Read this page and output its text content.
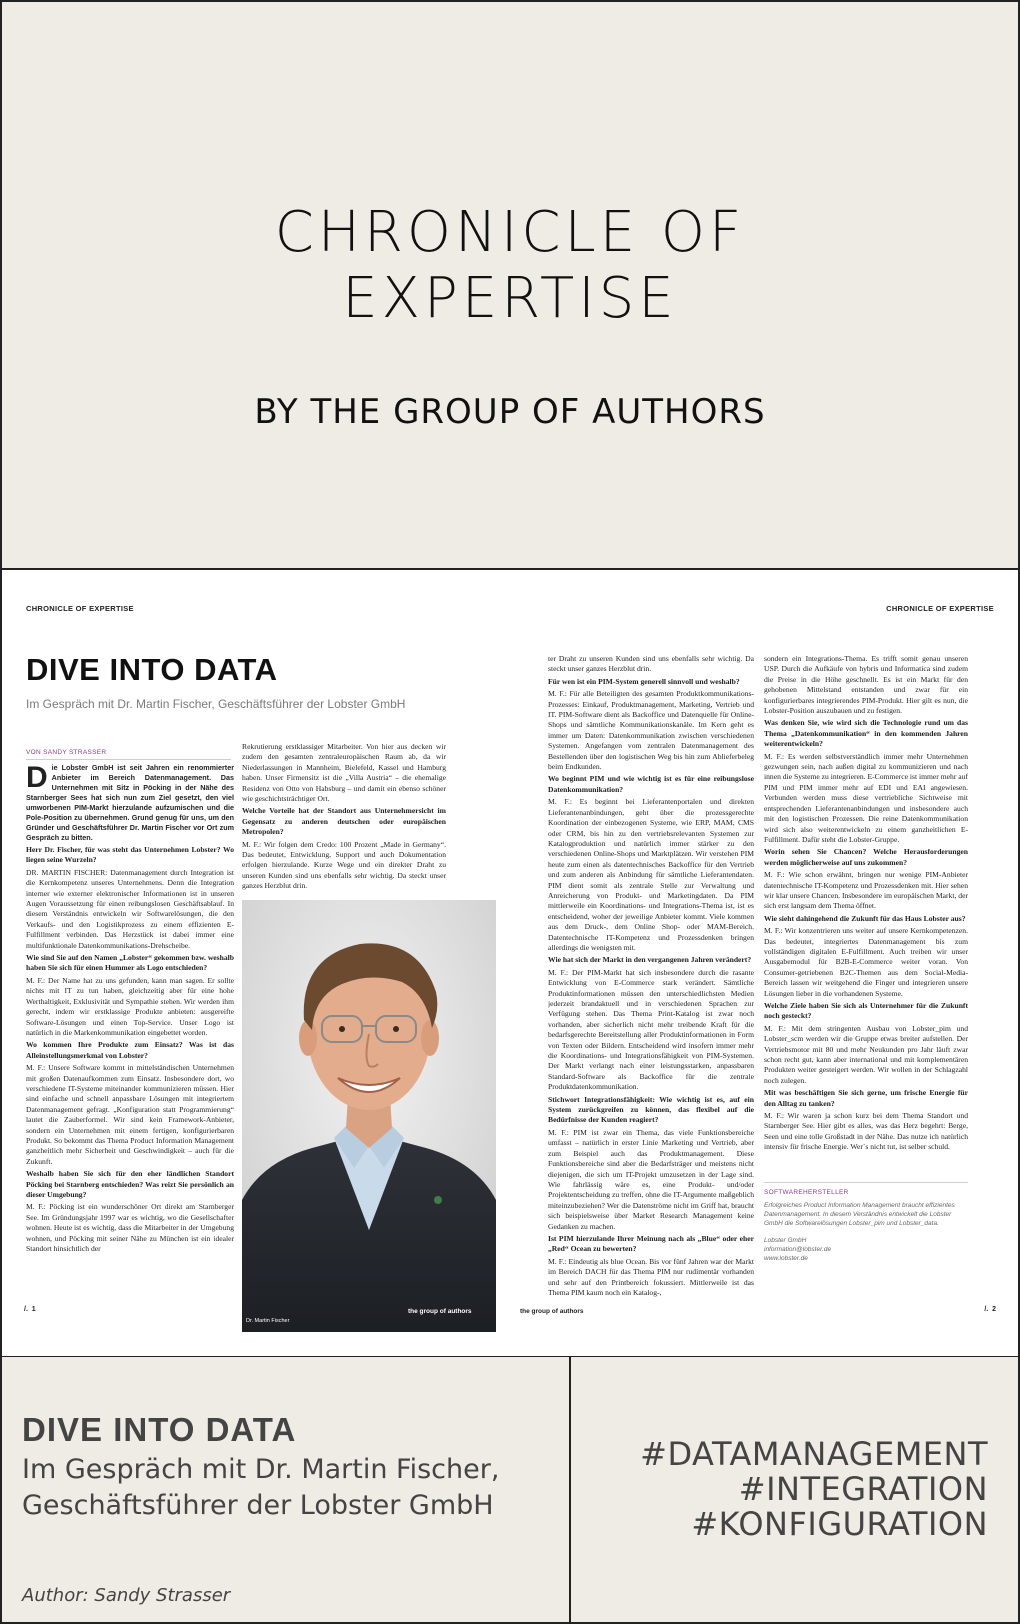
CHRONICLE OF
EXPERTISE
BY THE GROUP OF AUTHORS
CHRONICLE OF EXPERTISE	CHRONICLE OF EXPERTISE
DIVE INTO DATA
Im Gespräch mit Dr. Martin Fischer, Geschäftsführer der Lobster GmbH
VON SANDY STRASSER

Die Lobster GmbH ist seit Jahren ein renommierter Anbieter im Bereich Datenmanagement. Das Unternehmen mit Sitz in Pöcking in der Nähe des Starnberger Sees hat sich nun zum Ziel gesetzt, den viel umworbenen PIM-Markt hierzulande aufzumischen und die Pole-Position zu übernehmen. Grund genug für uns, um den Gründer und Geschäftsführer Dr. Martin Fischer vor Ort zum Gespräch zu bitten.

Herr Dr. Fischer, für was steht das Unternehmen Lobster? Wo liegen seine Wurzeln?

DR. MARTIN FISCHER: Datenmanagement durch Integration ist die Kernkompetenz unseres Unternehmens. Denn die Integration interner wie externer elektronischer Informationen ist in unseren Augen Voraussetzung für einen reibungslosen Geschäftsablauf. In diesem Verständnis entwickeln wir Softwarelösungen, die den Verkaufs- und den Logistikprozess zu einem effizienten E-Fulfillment verbinden. Das Herzstück ist dabei immer eine multifunktionale Datenkommunikations-Drehscheibe.

Wie sind Sie auf den Namen „Lobster“ gekommen bzw. weshalb haben Sie sich für einen Hummer als Logo entschieden?

M. F.: Der Name hat zu uns gefunden, kann man sagen. Er sollte nichts mit IT zu tun haben, gleichzeitig aber für eine hohe Werthaltigkeit, Exklusivität und Sympathie stehen. Wir werden ihm gerecht, indem wir erstklassige Produkte anbieten: ausgereifte Software-Lösungen und einen Top-Service. Unser Logo ist natürlich in die Markenkommunikation eingebettet worden.

Wo kommen Ihre Produkte zum Einsatz? Was ist das Alleinstellungsmerkmal von Lobster?

M. F.: Unsere Software kommt in mittelständischen Unternehmen mit großen Datenaufkommen zum Einsatz. Insbesondere dort, wo verschiedene IT-Systeme miteinander kommunizieren müssen. Hier sind einfache und schnell anpassbare Lösungen mit integriertem Datenmanagement gefragt. „Konfiguration statt Programmierung“ lautet die Zauberformel. Wir sind kein Framework-Anbieter, sondern ein Unternehmen mit einem fertigen, konfigurierbaren Produkt. So bekommt das Thema Product Information Management ganzheitlich mehr Sicherheit und Geschwindigkeit – auch für die Zukunft.

Weshalb haben Sie sich für den eher ländlichen Standort Pöcking bei Starnberg entschieden? Was reizt Sie persönlich an dieser Umgebung?

M. F.: Pöcking ist ein wunderschöner Ort direkt am Starnberger See. Im Gründungsjahr 1997 war es wichtig, wo die Gesellschafter wohnen. Heute ist es wichtig, dass die Mitarbeiter in der Umgebung wohnen, und Pöcking mit seiner Nähe zu München ist ein idealer Standort hinsichtlich der

Rekrutierung erstklassiger Mitarbeiter. Von hier aus decken wir zudem den gesamten zentraleuropäischen Raum ab, da wir Niederlassungen in Mannheim, Bielefeld, Kassel und Hamburg haben. Unser Firmensitz ist die „Villa Austria“ – die ehemalige Residenz von Otto von Habsburg – und damit ein ebenso schöner wie geschichtsträchtiger Ort.

Welche Vorteile hat der Standort aus Unternehmersicht im Gegensatz zu anderen deutschen oder europäischen Metropolen?

M. F.: Wir folgen dem Credo: 100 Prozent „Made in Germany“. Das bedeutet, Entwicklung, Support und auch Dokumentation erfolgen hierzulande. Kurze Wege und ein direkter Draht zu unseren Kunden sind uns ebenfalls sehr wichtig. Da steckt unser ganzes Herzblut drin.

Dr. Martin Fischer
the group of authors

ter Draht zu unseren Kunden sind uns ebenfalls sehr wichtig. Da steckt unser ganzes Herzblut drin.

Für wen ist ein PIM-System generell sinnvoll und weshalb?

M. F.: Für alle Beteiligten des gesamten Produktkommunikations-Prozesses: Einkauf, Produktmanagement, Marketing, Vertrieb und IT. PIM-Software dient als Backoffice und Datenquelle für Online-Shops und sämtliche Kommunikationskanäle. Im Kern geht es immer um Daten: Datenkommunikation zwischen verschiedenen Systemen. Angefangen vom zentralen Datenmanagement des Bestellenden über den logistischen Weg bis hin zum Ablieferbeleg beim Endkunden.

Wo beginnt PIM und wie wichtig ist es für eine reibungslose Datenkommunikation?

M. F.: Es beginnt bei Lieferantenportalen und direkten Lieferantenanbindungen, geht über die prozessgerechte Koordination der einbezogenen Systeme, wie ERP, MAM, CMS oder CRM, bis hin zu den vertriebsrelevanten Systemen zur Katalogproduktion und natürlich immer stärker zu den verschiedenen Online-Shops und Marktplätzen. Wir verstehen PIM heute zum einen als datentechnisches Backoffice für den Vertrieb und zum anderen als Anbindung für sämtliche Lieferantendaten. PIM dient somit als zentrale Stelle zur Verwaltung und Anreicherung von Produkt- und Marketingdaten. Da PIM mittlerweile ein Koordinations- und Integrations-Thema ist, ist es entscheidend, woher der jeweilige Anbieter kommt. Viele kommen aus dem Druck-, dem Online Shop- oder MAM-Bereich. Datentechnische IT-Kompetenz und Prozessdenken bringen allerdings die wenigsten mit.

Wie hat sich der Markt in den vergangenen Jahren verändert?

M. F.: Der PIM-Markt hat sich insbesondere durch die rasante Entwicklung von E-Commerce stark verändert. Sämtliche Produktinformationen müssen den unterschiedlichsten Medien jederzeit brandaktuell und in verschiedenen Sprachen zur Verfügung stehen. Das Thema Print-Katalog ist zwar noch vorhanden, aber sicherlich nicht mehr treibende Kraft für die bedarfsgerechte Bereitstellung aller Produktinformationen in Form von Texten oder Bildern. Entscheidend wird insofern immer mehr die Koordinations- und Integrationsfähigkeit von PIM-Systemen. Der Markt verlangt nach einer leistungsstarken, anpassbaren Standard-Software als Backoffice für die zentrale Produktdatenkommunikation.

Stichwort Integrationsfähigkeit: Wie wichtig ist es, auf ein System zurückgreifen zu können, das flexibel auf die Bedürfnisse der Kunden reagiert?

M. F.: PIM ist zwar ein Thema, das viele Funktionsbereiche umfasst – natürlich in erster Linie Marketing und Vertrieb, aber zum Beispiel auch das Produktmanagement. Diese Funktionsbereiche sind aber die Bedarfsträger und meistens nicht diejenigen, die sich um IT-Projekt umzusetzen in der Lage sind. Wie fahrlässig wäre es, eine Produkt- und/oder Projektentscheidung zu treffen, ohne die IT-Argumente maßgeblich miteinzubeziehen? Wer die Datenströme nicht im Griff hat, braucht sich beispielsweise über Market Research Management keine Gedanken zu machen.

Ist PIM hierzulande Ihrer Meinung nach als „Blue“ oder eher „Red“ Ocean zu bewerten?

M. F.: Eindeutig als blue Ocean. Bis vor fünf Jahren war der Markt im Bereich DACH für das Thema PIM nur rudimentär vorhanden und sehr auf den Printbereich fokussiert. Mittlerweile ist das Thema PIM kaum noch ein Katalog-,

sondern ein Integrations-Thema. Es trifft somit genau unseren USP. Durch die Aufkäufe von hybris und Informatica sind zudem die Preise in die Höhe geschnellt. Es ist ein Markt für den gehobenen Mittelstand entstanden und zwar für ein konfigurierbares integrierendes PIM-Produkt. Hier gilt es nun, die Lobster-Position auszubauen und zu festigen.

Was denken Sie, wie wird sich die Technologie rund um das Thema „Datenkommunikation“ in den kommenden Jahren weiterentwickeln?

M. F.: Es werden selbstverständlich immer mehr Unternehmen gezwungen sein, nach außen digital zu kommunizieren und nach innen die Systeme zu integrieren. E-Commerce ist immer mehr auf PIM und PIM immer mehr auf EDI und EAI angewiesen. Verbunden werden muss diese vertriebliche Sichtweise mit entsprechenden Lieferantenanbindungen und insbesondere auch mit den logistischen Prozessen. Die reine Datenkommunikation wird sich also weiterentwickeln zu einem ganzheitlichen E-Fulfillment. Dafür steht die Lobster-Gruppe.

Worin sehen Sie Chancen? Welche Herausforderungen werden möglicherweise auf uns zukommen?

M. F.: Wie schon erwähnt, bringen nur wenige PIM-Anbieter datentechnische IT-Kompetenz und Prozessdenken mit. Hier sehen wir klar unsere Chancen. Insbesondere im europäischen Markt, der sich erst langsam dem Thema öffnet.

Wie sieht dahingehend die Zukunft für das Haus Lobster aus?

M. F.: Wir konzentrieren uns weiter auf unsere Kernkompetenzen. Das bedeutet, integriertes Datenmanagement bis zum vollständigen digitalen E-Fulfillment. Auch treiben wir unser Ausgabemodul für B2B-E-Commerce weiter voran. Von Consumer-getriebenen B2C-Themen aus dem Social-Media-Bereich lassen wir weitgehend die Finger und integrieren unsere Lösungen lieber in die vorhandenen Systeme.

Welche Ziele haben Sie sich als Unternehmer für die Zukunft noch gesteckt?

M. F.: Mit dem stringenten Ausbau von Lobster_pim und Lobster_scm werden wir die Gruppe etwas breiter aufstellen. Der Vertriebsmotor mit 80 und mehr Neukunden pro Jahr läuft zwar schon recht gut, kann aber international und mit komplementären Produkten weiter gesteigert werden. Wir wollen in der Schlagzahl noch zulegen.

Mit was beschäftigen Sie sich gerne, um frische Energie für den Alltag zu tanken?

M. F.: Wir waren ja schon kurz bei dem Thema Standort und Starnberger See. Hier gibt es alles, was das Herz begehrt: Berge, Seen und eine tolle Großstadt in der Nähe. Das nutze ich natürlich intensiv für frische Energie. Wer´s nicht tut, ist selber schuld.

SOFTWAREHERSTELLER
Erfolgreiches Product Information Management braucht effizientes Datenmanagement. In diesem Verständnis entwickelt die Lobster GmbH die Softwarelösungen Lobster_pim und Lobster_data.
Lobster GmbH
information@lobster.de
www.lobster.de
/. 1	the group of authors	/. 2
DIVE INTO DATA
Im Gespräch mit Dr. Martin Fischer,
Geschäftsführer der Lobster GmbH
Author: Sandy Strasser
#DATAMANAGEMENT
#INTEGRATION
#KONFIGURATION
